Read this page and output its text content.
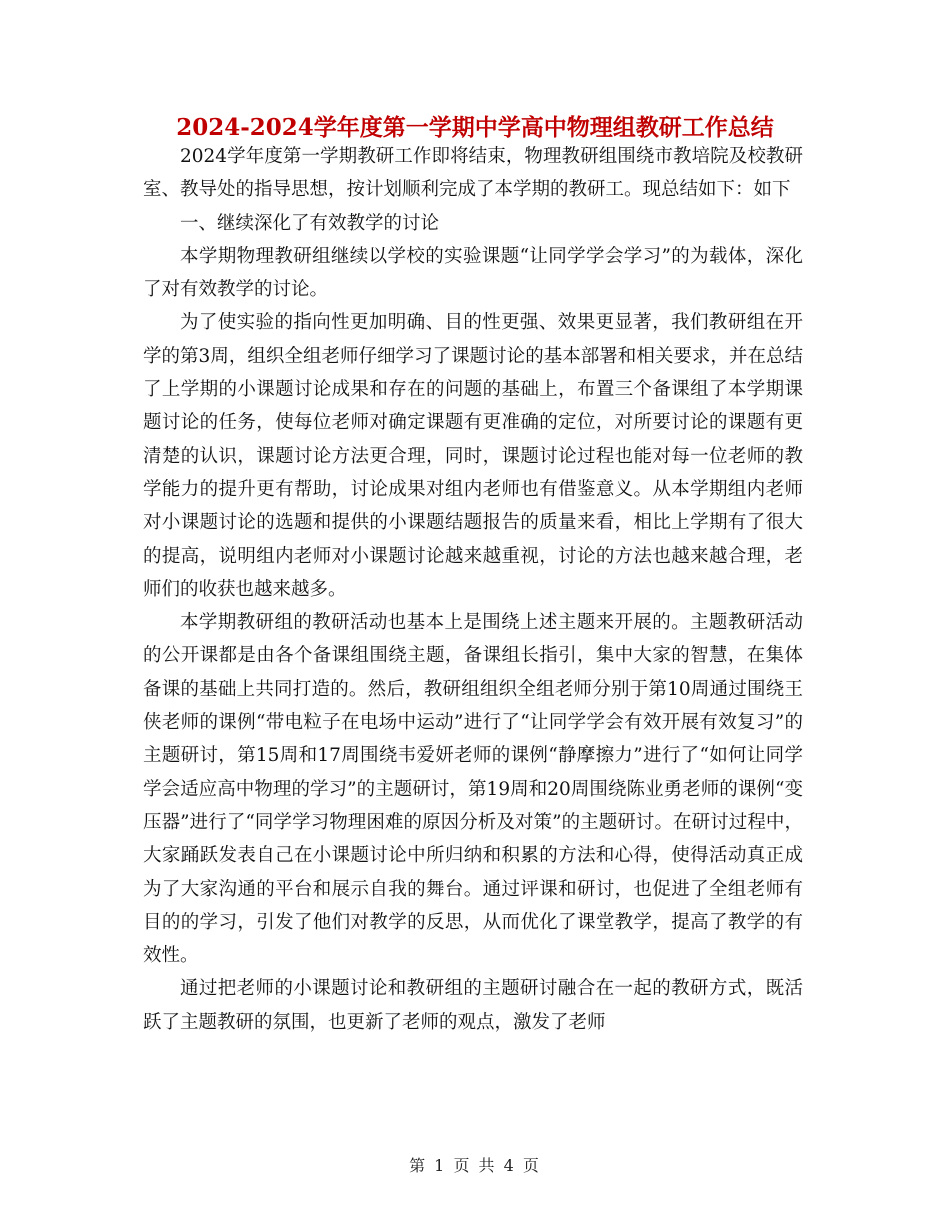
2024-2024学年度第一学期中学高中物理组教研工作总结

2024学年度第一学期教研工作即将结束，物理教研组围绕市教培院及校教研室、教导处的指导思想，按计划顺利完成了本学期的教研工。现总结如下：如下

一、继续深化了有效教学的讨论

本学期物理教研组继续以学校的实验课题“让同学学会学习”的为载体，深化了对有效教学的讨论。

为了使实验的指向性更加明确、目的性更强、效果更显著，我们教研组在开学的第3周，组织全组老师仔细学习了课题讨论的基本部署和相关要求，并在总结了上学期的小课题讨论成果和存在的问题的基础上，布置三个备课组了本学期课题讨论的任务，使每位老师对确定课题有更准确的定位，对所要讨论的课题有更清楚的认识，课题讨论方法更合理，同时，课题讨论过程也能对每一位老师的教学能力的提升更有帮助，讨论成果对组内老师也有借鉴意义。从本学期组内老师对小课题讨论的选题和提供的小课题结题报告的质量来看，相比上学期有了很大的提高，说明组内老师对小课题讨论越来越重视，讨论的方法也越来越合理，老师们的收获也越来越多。

本学期教研组的教研活动也基本上是围绕上述主题来开展的。主题教研活动的公开课都是由各个备课组围绕主题，备课组长指引，集中大家的智慧，在集体备课的基础上共同打造的。然后，教研组组织全组老师分别于第10周通过围绕王侠老师的课例“带电粒子在电场中运动”进行了“让同学学会有效开展有效复习”的主题研讨，第15周和17周围绕韦爱妍老师的课例“静摩擦力”进行了“如何让同学学会适应高中物理的学习”的主题研讨，第19周和20周围绕陈业勇老师的课例“变压器”进行了“同学学习物理困难的原因分析及对策”的主题研讨。在研讨过程中，大家踊跃发表自己在小课题讨论中所归纳和积累的方法和心得，使得活动真正成为了大家沟通的平台和展示自我的舞台。通过评课和研讨，也促进了全组老师有目的的学习，引发了他们对教学的反思，从而优化了课堂教学，提高了教学的有效性。

通过把老师的小课题讨论和教研组的主题研讨融合在一起的教研方式，既活跃了主题教研的氛围，也更新了老师的观点，激发了老师

第 1 页 共 4 页
